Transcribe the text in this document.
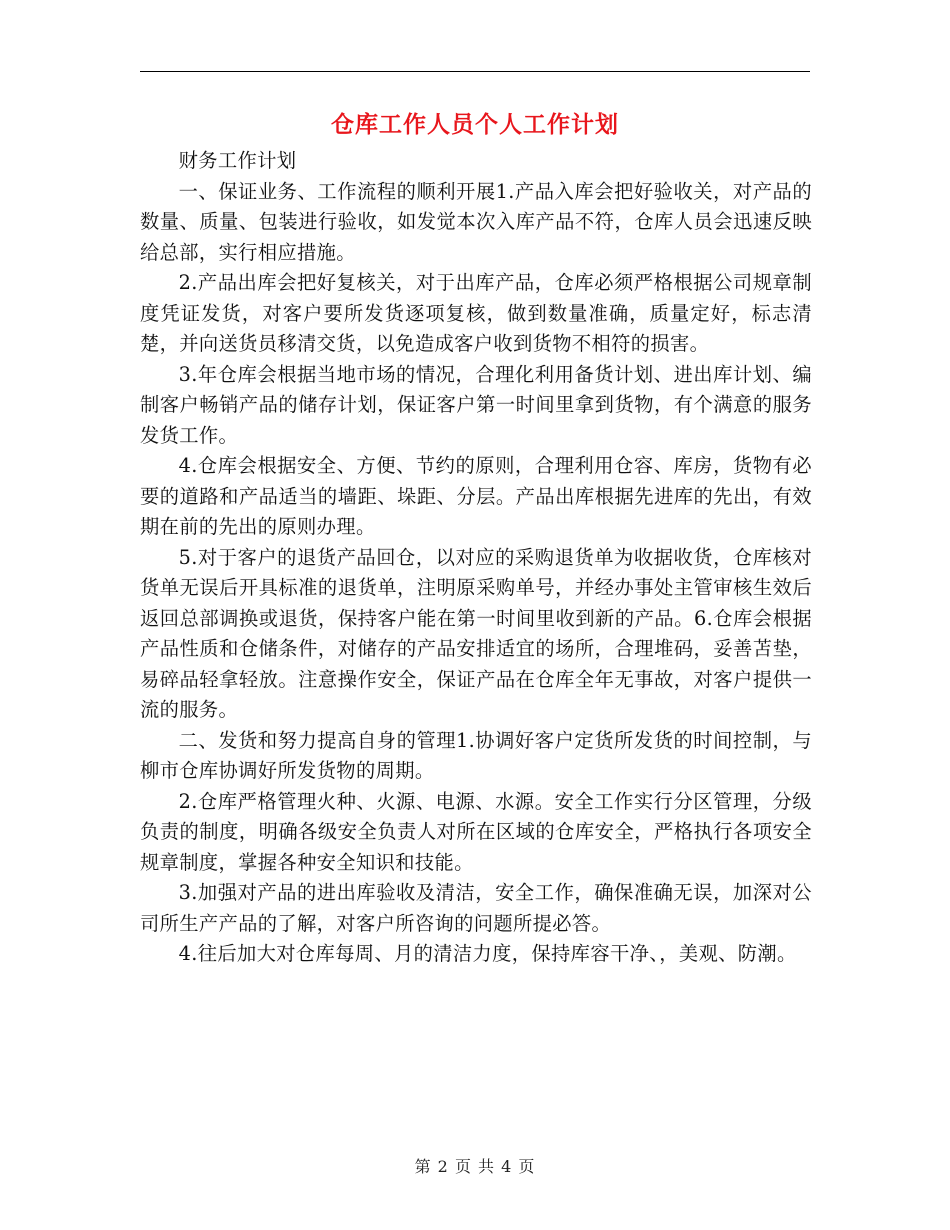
仓库工作人员个人工作计划

财务工作计划

一、保证业务、工作流程的顺利开展1.产品入库会把好验收关，对产品的数量、质量、包装进行验收，如发觉本次入库产品不符，仓库人员会迅速反映给总部，实行相应措施。

2.产品出库会把好复核关，对于出库产品，仓库必须严格根据公司规章制度凭证发货，对客户要所发货逐项复核，做到数量准确，质量定好，标志清楚，并向送货员移清交货，以免造成客户收到货物不相符的损害。

3.年仓库会根据当地市场的情况，合理化利用备货计划、进出库计划、编制客户畅销产品的储存计划，保证客户第一时间里拿到货物，有个满意的服务发货工作。

4.仓库会根据安全、方便、节约的原则，合理利用仓容、库房，货物有必要的道路和产品适当的墙距、垛距、分层。产品出库根据先进库的先出，有效期在前的先出的原则办理。

5.对于客户的退货产品回仓，以对应的采购退货单为收据收货，仓库核对货单无误后开具标准的退货单，注明原采购单号，并经办事处主管审核生效后返回总部调换或退货，保持客户能在第一时间里收到新的产品。6.仓库会根据产品性质和仓储条件，对储存的产品安排适宜的场所，合理堆码，妥善苫垫，易碎品轻拿轻放。注意操作安全，保证产品在仓库全年无事故，对客户提供一流的服务。

二、发货和努力提高自身的管理1.协调好客户定货所发货的时间控制，与柳市仓库协调好所发货物的周期。

2.仓库严格管理火种、火源、电源、水源。安全工作实行分区管理，分级负责的制度，明确各级安全负责人对所在区域的仓库安全，严格执行各项安全规章制度，掌握各种安全知识和技能。

3.加强对产品的进出库验收及清洁，安全工作，确保准确无误，加深对公司所生产产品的了解，对客户所咨询的问题所提必答。

4.往后加大对仓库每周、月的清洁力度，保持库容干净、，美观、防潮。

第 2 页 共 4 页
